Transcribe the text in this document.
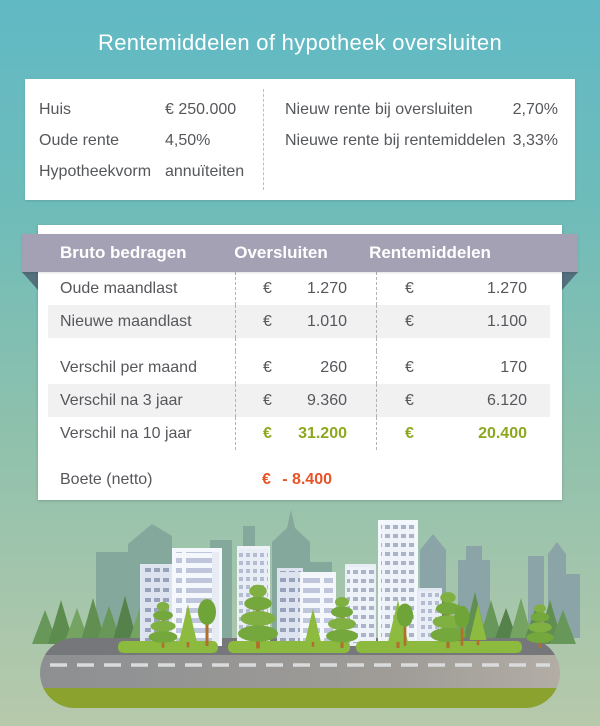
Rentemiddelen of hypotheek oversluiten
Huis	€ 250.000
Oude rente	4,50%
Hypotheekvorm annuïteiten
Nieuw rente bij oversluiten 2,70%
Nieuwe rente bij rentemiddelen 3,33%
Bruto bedragen	Oversluiten	Rentemiddelen
Oude maandlast	€ 1.270	€	1.270
Nieuwe maandlast	€ 1.010	€	1.100
Verschil per maand	€	260	€	170
Verschil na 3 jaar	€ 9.360	€	6.120
Verschil na 10 jaar	€ 31.200	€	20.400
Boete (netto)	€ - 8.400
